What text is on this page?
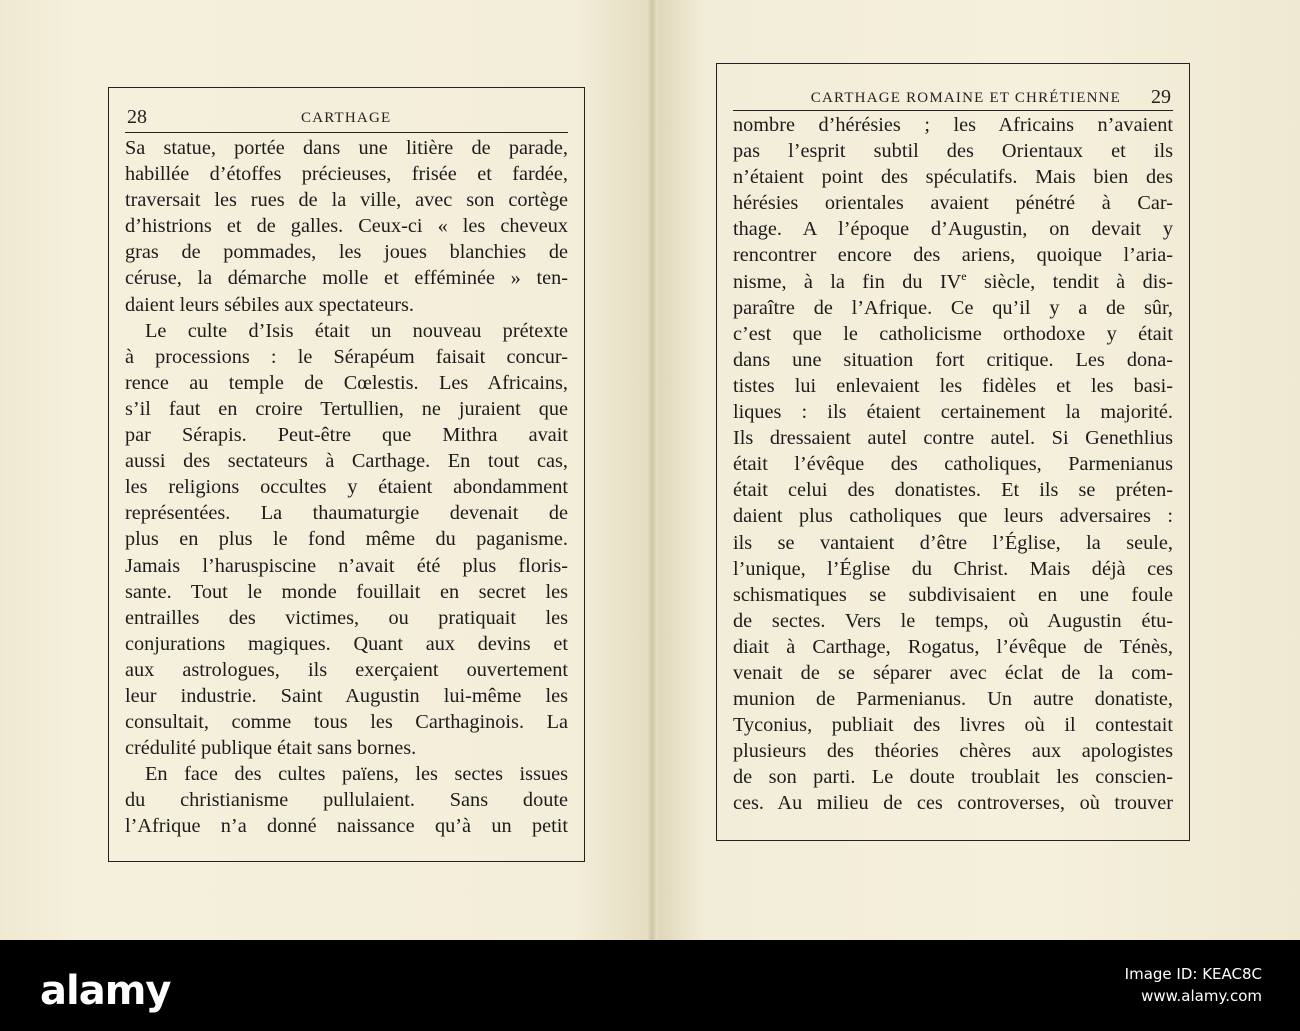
28	CARTHAGE
Sa statue, portée dans une litière de parade,
habillée d’étoffes précieuses, frisée et fardée,
traversait les rues de la ville, avec son cortège
d’histrions et de galles. Ceux-ci « les cheveux
gras de pommades, les joues blanchies de
céruse, la démarche molle et efféminée » ten-
daient leurs sébiles aux spectateurs.
Le culte d’Isis était un nouveau prétexte
à processions : le Sérapéum faisait concur-
rence au temple de Cœlestis. Les Africains,
s’il faut en croire Tertullien, ne juraient que
par Sérapis. Peut-être que Mithra avait
aussi des sectateurs à Carthage. En tout cas,
les religions occultes y étaient abondamment
représentées. La thaumaturgie devenait de
plus en plus le fond même du paganisme.
Jamais l’haruspiscine n’avait été plus floris-
sante. Tout le monde fouillait en secret les
entrailles des victimes, ou pratiquait les
conjurations magiques. Quant aux devins et
aux astrologues, ils exerçaient ouvertement
leur industrie. Saint Augustin lui-même les
consultait, comme tous les Carthaginois. La
crédulité publique était sans bornes.
En face des cultes païens, les sectes issues
du christianisme pullulaient. Sans doute
l’Afrique n’a donné naissance qu’à un petit
CARTHAGE ROMAINE ET CHRÉTIENNE 29
nombre d’hérésies ; les Africains n’avaient
pas l’esprit subtil des Orientaux et ils
n’étaient point des spéculatifs. Mais bien des
hérésies orientales avaient pénétré à Car-
thage. A l’époque d’Augustin, on devait y
rencontrer encore des ariens, quoique l’aria-
nisme, à la fin du IVe siècle, tendit à dis-
paraître de l’Afrique. Ce qu’il y a de sûr,
c’est que le catholicisme orthodoxe y était
dans une situation fort critique. Les dona-
tistes lui enlevaient les fidèles et les basi-
liques : ils étaient certainement la majorité.
Ils dressaient autel contre autel. Si Genethlius
était l’évêque des catholiques, Parmenianus
était celui des donatistes. Et ils se préten-
daient plus catholiques que leurs adversaires :
ils se vantaient d’être l’Église, la seule,
l’unique, l’Église du Christ. Mais déjà ces
schismatiques se subdivisaient en une foule
de sectes. Vers le temps, où Augustin étu-
diait à Carthage, Rogatus, l’évêque de Ténès,
venait de se séparer avec éclat de la com-
munion de Parmenianus. Un autre donatiste,
Tyconius, publiait des livres où il contestait
plusieurs des théories chères aux apologistes
de son parti. Le doute troublait les conscien-
ces. Au milieu de ces controverses, où trouver
alamy	Image ID: KEAC8C
www.alamy.com
